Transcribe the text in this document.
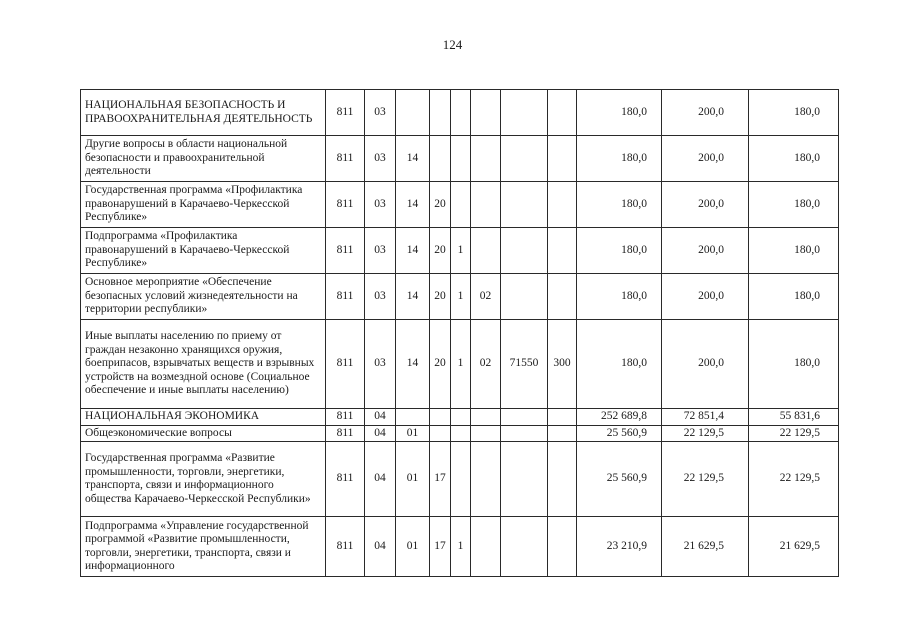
124
НАЦИОНАЛЬНАЯ БЕЗОПАСНОСТЬ И ПРАВООХРАНИТЕЛЬНАЯ ДЕЯТЕЛЬНОСТЬ	811	03							180,0	200,0	180,0
Другие вопросы в области национальной безопасности и правоохранительной деятельности	811	03	14						180,0	200,0	180,0
Государственная программа «Профилактика правонарушений в Карачаево-Черкесской Республике»	811	03	14	20					180,0	200,0	180,0
Подпрограмма «Профилактика правонарушений в Карачаево-Черкесской Республике»	811	03	14	20	1				180,0	200,0	180,0
Основное мероприятие «Обеспечение безопасных условий жизнедеятельности на территории республики»	811	03	14	20	1	02			180,0	200,0	180,0
Иные выплаты населению по приему от граждан незаконно хранящихся оружия, боеприпасов, взрывчатых веществ и взрывных устройств на возмездной основе (Социальное обеспечение и иные выплаты населению)	811	03	14	20	1	02	71550	300	180,0	200,0	180,0
НАЦИОНАЛЬНАЯ ЭКОНОМИКА	811	04							252 689,8	72 851,4	55 831,6
Общеэкономические вопросы	811	04	01						25 560,9	22 129,5	22 129,5
Государственная программа «Развитие промышленности, торговли, энергетики, транспорта, связи и информационного общества Карачаево-Черкесской Республики»	811	04	01	17					25 560,9	22 129,5	22 129,5
Подпрограмма «Управление государственной программой «Развитие промышленности, торговли, энергетики, транспорта, связи и информационного	811	04	01	17	1				23 210,9	21 629,5	21 629,5
